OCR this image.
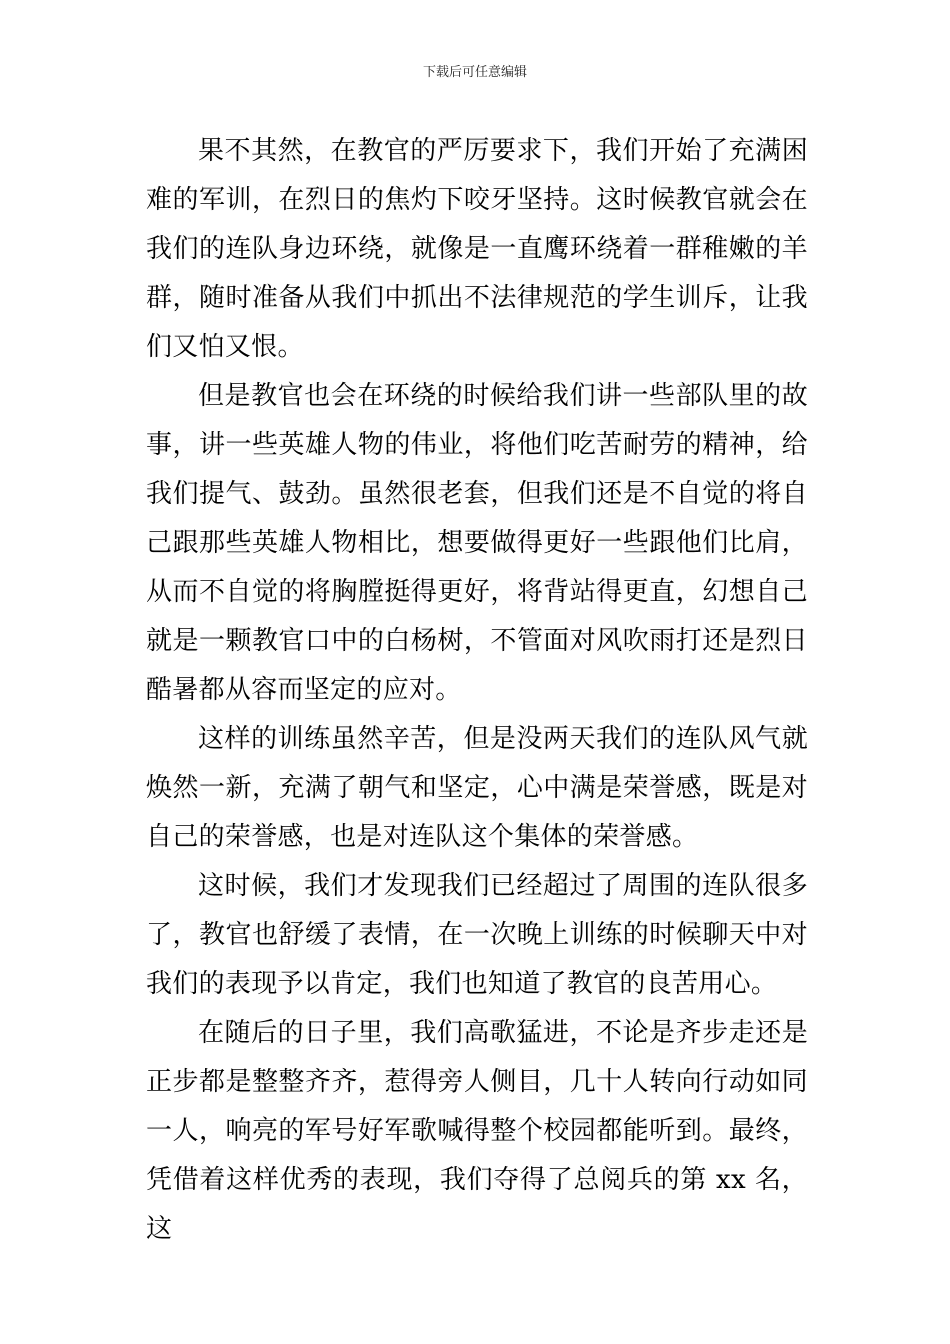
下载后可任意编辑

果不其然，在教官的严厉要求下，我们开始了充满困难的军训，在烈日的焦灼下咬牙坚持。这时候教官就会在我们的连队身边环绕，就像是一直鹰环绕着一群稚嫩的羊群，随时准备从我们中抓出不法律规范的学生训斥，让我们又怕又恨。

但是教官也会在环绕的时候给我们讲一些部队里的故事，讲一些英雄人物的伟业，将他们吃苦耐劳的精神，给我们提气、鼓劲。虽然很老套，但我们还是不自觉的将自己跟那些英雄人物相比，想要做得更好一些跟他们比肩，从而不自觉的将胸膛挺得更好，将背站得更直，幻想自己就是一颗教官口中的白杨树，不管面对风吹雨打还是烈日酷暑都从容而坚定的应对。

这样的训练虽然辛苦，但是没两天我们的连队风气就焕然一新，充满了朝气和坚定，心中满是荣誉感，既是对自己的荣誉感，也是对连队这个集体的荣誉感。

这时候，我们才发现我们已经超过了周围的连队很多了，教官也舒缓了表情，在一次晚上训练的时候聊天中对我们的表现予以肯定，我们也知道了教官的良苦用心。

在随后的日子里，我们高歌猛进，不论是齐步走还是正步都是整整齐齐，惹得旁人侧目，几十人转向行动如同一人，响亮的军号好军歌喊得整个校园都能听到。最终，凭借着这样优秀的表现，我们夺得了总阅兵的第 xx 名，这
